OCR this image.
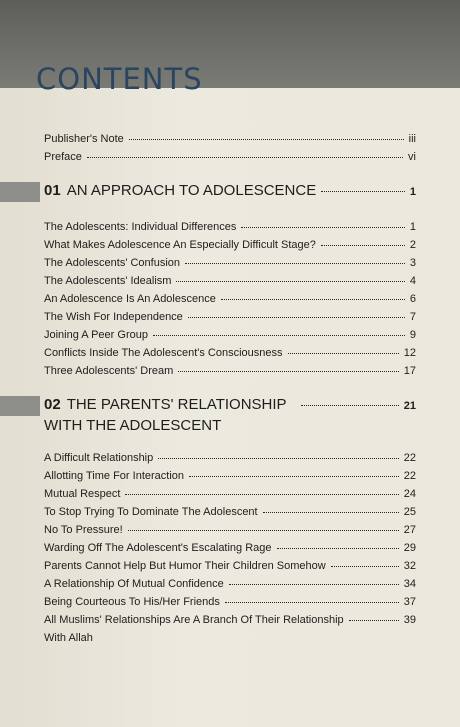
CONTENTS
Publisher's Note	iii
Preface	vi
01 AN APPROACH TO ADOLESCENCE	1
The Adolescents: Individual Differences	1
What Makes Adolescence An Especially Difficult Stage?	2
The Adolescents' Confusion	3
The Adolescents' Idealism	4
An Adolescence Is An Adolescence	6
The Wish For Independence	7
Joining A Peer Group	9
Conflicts Inside The Adolescent's Consciousness	12
Three Adolescents' Dream	17
02 THE PARENTS' RELATIONSHIP	21
WITH THE ADOLESCENT
A Difficult Relationship	22
Allotting Time For Interaction	22
Mutual Respect	24
To Stop Trying To Dominate The Adolescent	25
No To Pressure!	27
Warding Off The Adolescent's Escalating Rage	29
Parents Cannot Help But Humor Their Children Somehow	32
A Relationship Of Mutual Confidence	34
Being Courteous To His/Her Friends	37
All Muslims' Relationships Are A Branch Of Their Relationship	39
With Allah
